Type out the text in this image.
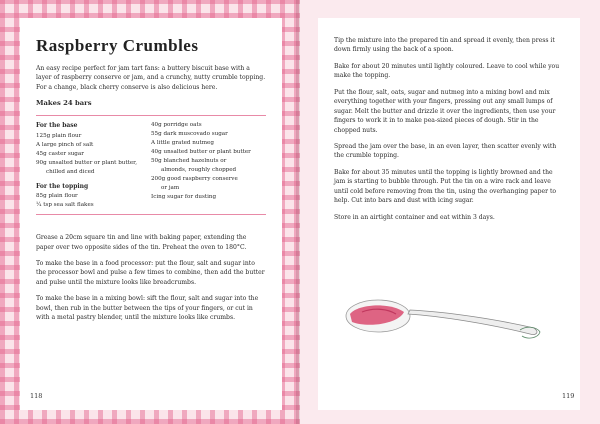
Raspberry Crumbles

An easy recipe perfect for jam tart fans: a buttery biscuit base with a layer of raspberry conserve or jam, and a crunchy, nutty crumble topping. For a change, black cherry conserve is also delicious here.

Makes 24 bars
For the base
125g plain flour
A large pinch of salt
45g caster sugar
90g unsalted butter or plant butter,
chilled and diced
For the topping
85g plain flour
¼ tsp sea salt flakes
40g porridge oats
55g dark muscovado sugar
A little grated nutmeg
40g unsalted butter or plant butter
50g blanched hazelnuts or
almonds, roughly chopped
200g good raspberry conserve
or jam
Icing sugar for dusting

Grease a 20cm square tin and line with baking paper, extending the paper over two opposite sides of the tin. Preheat the oven to 180°C.

To make the base in a food processor: put the flour, salt and sugar into the processor bowl and pulse a few times to combine, then add the butter and pulse until the mixture looks like breadcrumbs.

To make the base in a mixing bowl: sift the flour, salt and sugar into the bowl, then rub in the butter between the tips of your fingers, or cut in with a metal pastry blender, until the mixture looks like crumbs.

118

Tip the mixture into the prepared tin and spread it evenly, then press it down firmly using the back of a spoon.

Bake for about 20 minutes until lightly coloured. Leave to cool while you make the topping.

Put the flour, salt, oats, sugar and nutmeg into a mixing bowl and mix everything together with your fingers, pressing out any small lumps of sugar. Melt the butter and drizzle it over the ingredients, then use your fingers to work it in to make pea-sized pieces of dough. Stir in the chopped nuts.

Spread the jam over the base, in an even layer, then scatter evenly with the crumble topping.

Bake for about 35 minutes until the topping is lightly browned and the jam is starting to bubble through. Put the tin on a wire rack and leave until cold before removing from the tin, using the overhanging paper to help. Cut into bars and dust with icing sugar.

Store in an airtight container and eat within 3 days.

119
